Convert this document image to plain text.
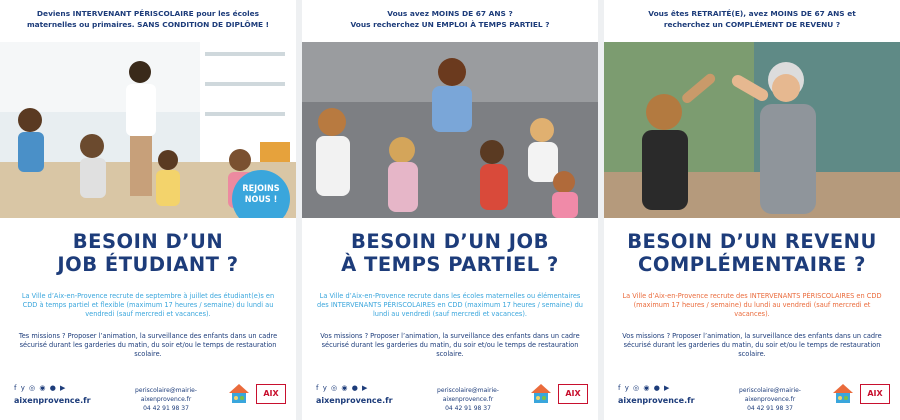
Deviens INTERVENANT PÉRISCOLAIRE pour les écoles
maternelles ou primaires. SANS CONDITION DE DIPLÔME !
REJOINS
NOUS !
BESOIN D’UN
JOB ÉTUDIANT ?
La Ville d’Aix-en-Provence recrute de septembre à juillet des étudiant(e)s en CDD à temps partiel et flexible (maximum 17 heures / semaine) du lundi au vendredi (sauf mercredi et vacances).
Tes missions ? Proposer l’animation, la surveillance des enfants dans un cadre sécurisé durant les garderies du matin, du soir et/ou le temps de restauration scolaire.
f y ◎ ◉ ● ▶
aixenprovence.fr
periscolaire@mairie-aixenprovence.fr
04 42 91 98 37
AIX
Vous avez MOINS DE 67 ANS ?
Vous recherchez UN EMPLOI À TEMPS PARTIEL ?
BESOIN D’UN JOB
À TEMPS PARTIEL ?
La Ville d’Aix-en-Provence recrute dans les écoles maternelles ou élémentaires des INTERVENANTS PÉRISCOLAIRES en CDD (maximum 17 heures / semaine) du lundi au vendredi (sauf mercredi et vacances).
Vos missions ? Proposer l’animation, la surveillance des enfants dans un cadre sécurisé durant les garderies du matin, du soir et/ou le temps de restauration scolaire.
f y ◎ ◉ ● ▶
aixenprovence.fr
periscolaire@mairie-aixenprovence.fr
04 42 91 98 37
AIX
Vous êtes RETRAITÉ(E), avez MOINS DE 67 ANS et
recherchez un COMPLÉMENT DE REVENU ?
BESOIN D’UN REVENU
COMPLÉMENTAIRE ?
La Ville d’Aix-en-Provence recrute des INTERVENANTS PÉRISCOLAIRES en CDD (maximum 17 heures / semaine) du lundi au vendredi (sauf mercredi et vacances).
Vos missions ? Proposer l’animation, la surveillance des enfants dans un cadre sécurisé durant les garderies du matin, du soir et/ou le temps de restauration scolaire.
f y ◎ ◉ ● ▶
aixenprovence.fr
periscolaire@mairie-aixenprovence.fr
04 42 91 98 37
AIX
